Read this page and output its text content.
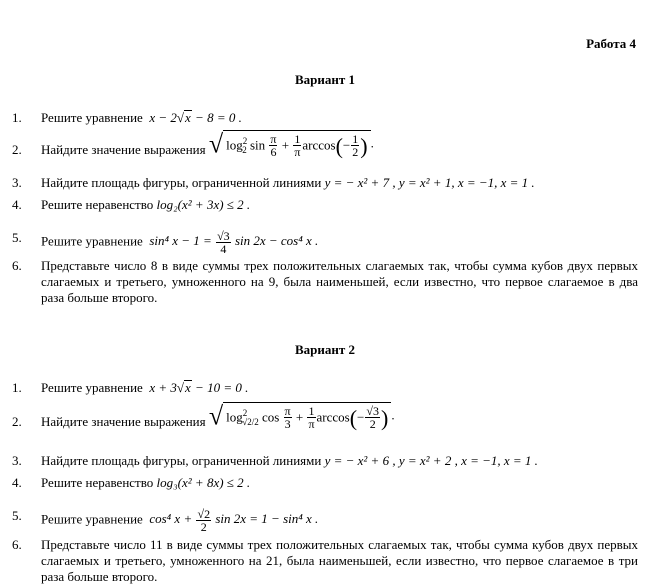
Работа 4
Вариант 1
1.	Решите уравнение x − 2√x − 8 = 0 .
2.	Найдите значение выражения √ $\log^2_2 \sin \frac{\pi}{6} + \frac{1}{\pi} \arccos(- \frac{1}{2}$ ) .
3.	Найдите площадь фигуры, ограниченной линиями y = − x² + 7 , y = x² + 1, x = −1, x = 1 .
4.	Решите неравенство log₂(x² + 3x) ≤ 2 .
5.	Решите уравнение sin⁴ $x - 1 = \frac{√3}{4}$ sin 2x − cos⁴ x .
6.	Представьте число 8 в виде суммы трех положительных слагаемых так, чтобы сумма кубов двух первых слагаемых и третьего, умноженного на 9, была наименьшей, если известно, что первое слагаемое в два раза больше второго.
Вариант 2
1.	Решите уравнение x + 3√x − 10 = 0 .
2.	Найдите значение выражения √ $\log^2_{√2/2} \cos \frac{\pi}{3} + \frac{1}{\pi} \arccos(- \frac{√3}{2}$ ) .
3.	Найдите площадь фигуры, ограниченной линиями y = − x² + 6 , y = x² + 2 , x = −1, x = 1 .
4.	Решите неравенство log₃(x² + 8x) ≤ 2 .
5.	Решите уравнение cos⁴ $x + \frac{√2}{2}$ sin 2x = 1 − sin⁴ x .
6.	Представьте число 11 в виде суммы трех положительных слагаемых так, чтобы сумма кубов двух первых слагаемых и третьего, умноженного на 21, была наименьшей, если известно, что первое слагаемое в три раза больше второго.
